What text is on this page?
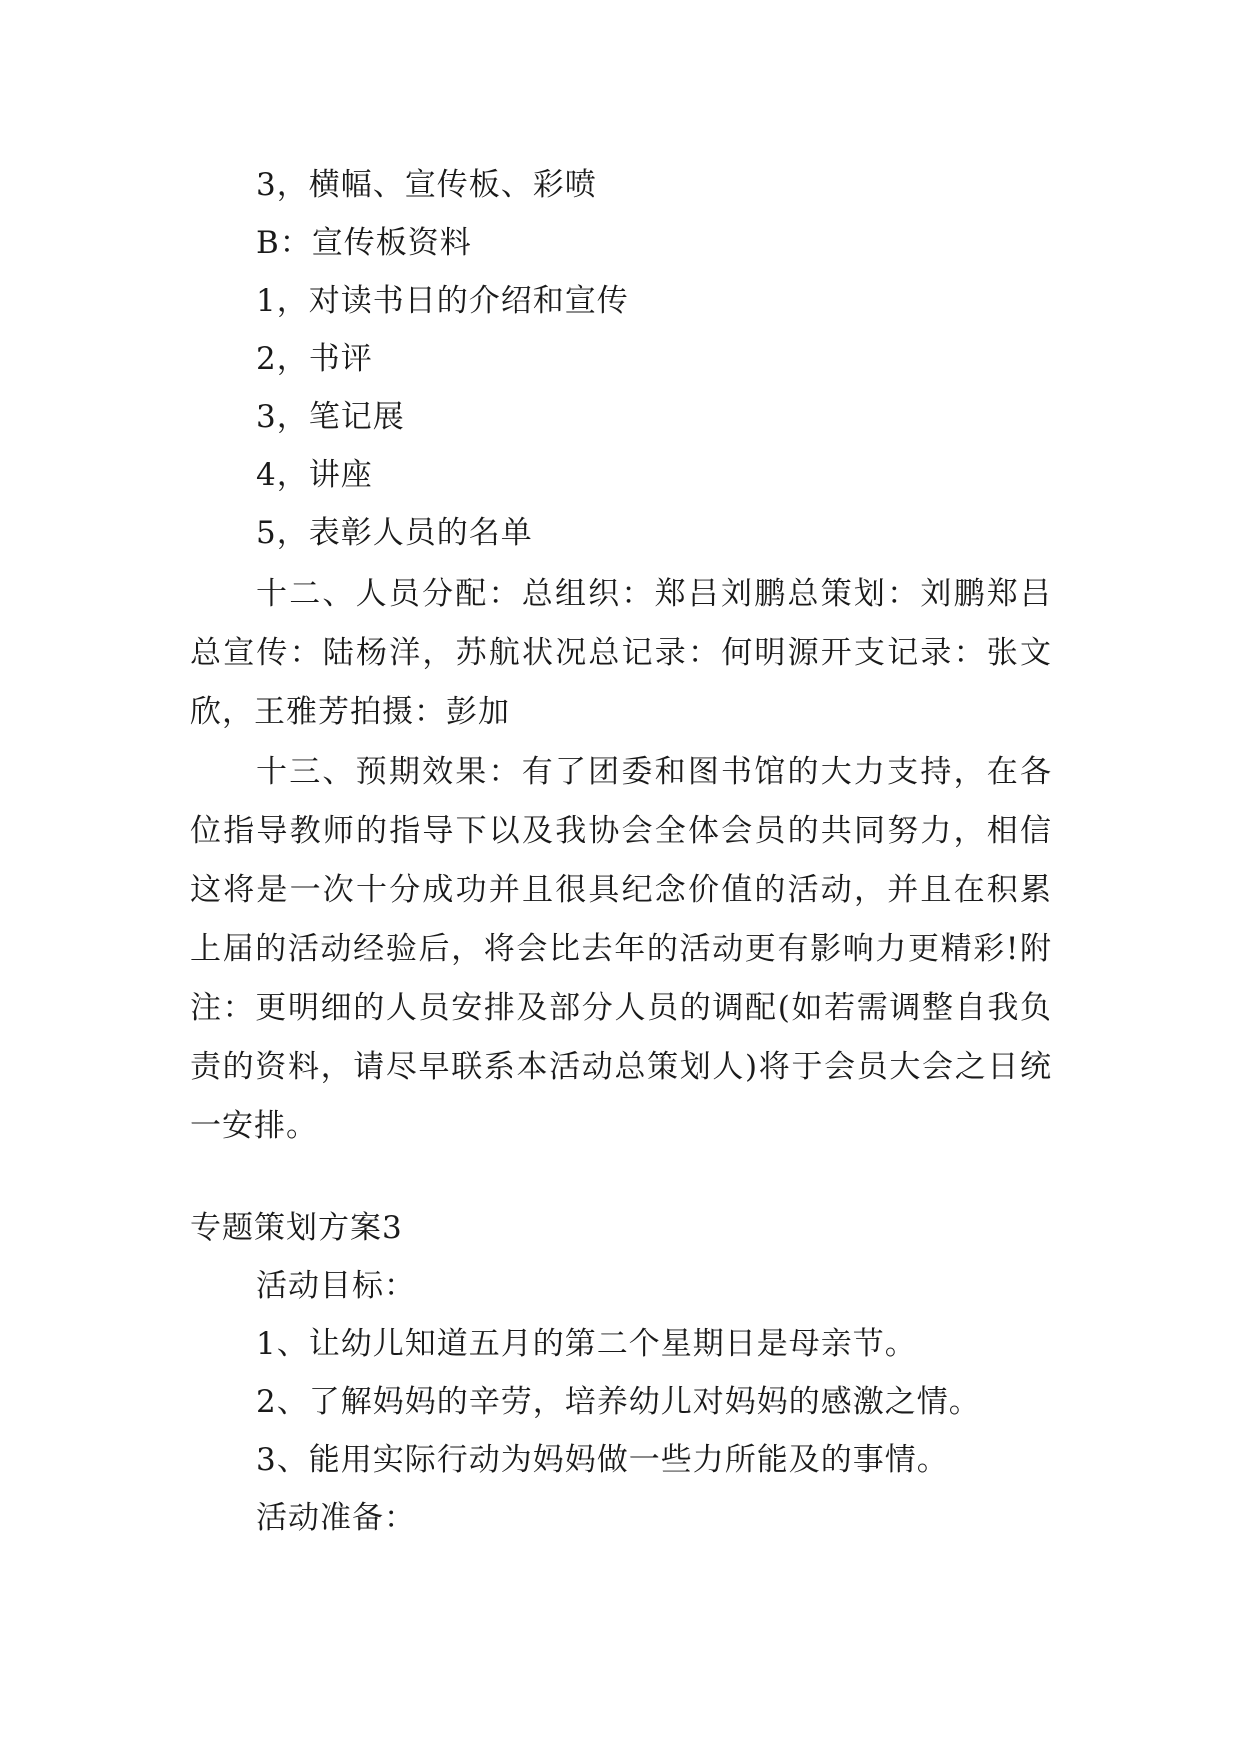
3，横幅、宣传板、彩喷

B：宣传板资料

1，对读书日的介绍和宣传

2，书评

3，笔记展

4，讲座

5，表彰人员的名单

十二、人员分配：总组织：郑吕刘鹏总策划：刘鹏郑吕总宣传：陆杨洋，苏航状况总记录：何明源开支记录：张文欣，王雅芳拍摄：彭加

十三、预期效果：有了团委和图书馆的大力支持，在各位指导教师的指导下以及我协会全体会员的共同努力，相信这将是一次十分成功并且很具纪念价值的活动，并且在积累上届的活动经验后，将会比去年的活动更有影响力更精彩!附注：更明细的人员安排及部分人员的调配(如若需调整自我负责的资料，请尽早联系本活动总策划人)将于会员大会之日统一安排。

专题策划方案3

活动目标：

1、让幼儿知道五月的第二个星期日是母亲节。

2、了解妈妈的辛劳，培养幼儿对妈妈的感激之情。

3、能用实际行动为妈妈做一些力所能及的事情。

活动准备：
